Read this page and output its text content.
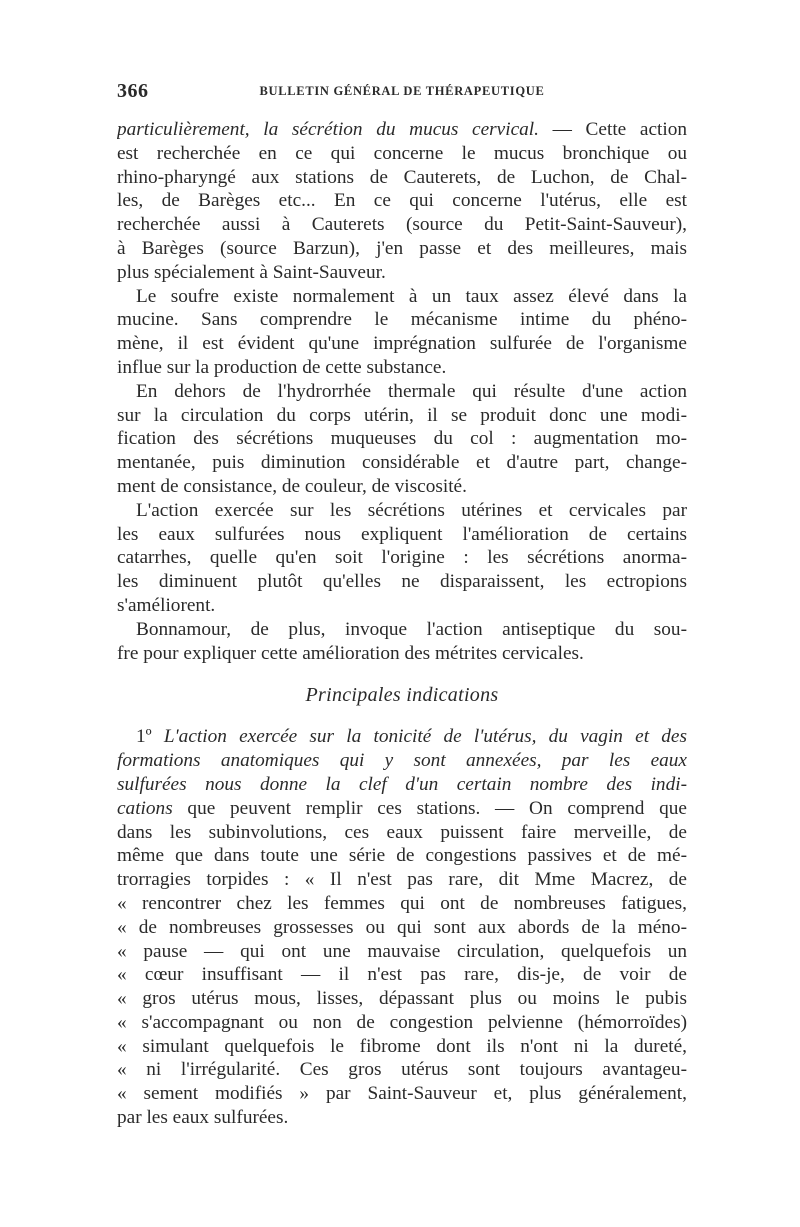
366	BULLETIN GÉNÉRAL DE THÉRAPEUTIQUE
particulièrement, la sécrétion du mucus cervical. — Cette action
est recherchée en ce qui concerne le mucus bronchique ou
rhino-pharyngé aux stations de Cauterets, de Luchon, de Chal-
les, de Barèges etc... En ce qui concerne l'utérus, elle est
recherchée aussi à Cauterets (source du Petit-Saint-Sauveur),
à Barèges (source Barzun), j'en passe et des meilleures, mais
plus spécialement à Saint-Sauveur.
Le soufre existe normalement à un taux assez élevé dans la
mucine. Sans comprendre le mécanisme intime du phéno-
mène, il est évident qu'une imprégnation sulfurée de l'organisme
influe sur la production de cette substance.
En dehors de l'hydrorrhée thermale qui résulte d'une action
sur la circulation du corps utérin, il se produit donc une modi-
fication des sécrétions muqueuses du col : augmentation mo-
mentanée, puis diminution considérable et d'autre part, change-
ment de consistance, de couleur, de viscosité.
L'action exercée sur les sécrétions utérines et cervicales par
les eaux sulfurées nous expliquent l'amélioration de certains
catarrhes, quelle qu'en soit l'origine : les sécrétions anorma-
les diminuent plutôt qu'elles ne disparaissent, les ectropions
s'améliorent.
Bonnamour, de plus, invoque l'action antiseptique du sou-
fre pour expliquer cette amélioration des métrites cervicales.
Principales indications
1º L'action exercée sur la tonicité de l'utérus, du vagin et des
formations anatomiques qui y sont annexées, par les eaux
sulfurées nous donne la clef d'un certain nombre des indi-
cations que peuvent remplir ces stations. — On comprend que
dans les subinvolutions, ces eaux puissent faire merveille, de
même que dans toute une série de congestions passives et de mé-
trorragies torpides : « Il n'est pas rare, dit Mme Macrez, de
« rencontrer chez les femmes qui ont de nombreuses fatigues,
« de nombreuses grossesses ou qui sont aux abords de la méno-
« pause — qui ont une mauvaise circulation, quelquefois un
« cœur insuffisant — il n'est pas rare, dis-je, de voir de
« gros utérus mous, lisses, dépassant plus ou moins le pubis
« s'accompagnant ou non de congestion pelvienne (hémorroïdes)
« simulant quelquefois le fibrome dont ils n'ont ni la dureté,
« ni l'irrégularité. Ces gros utérus sont toujours avantageu-
« sement modifiés » par Saint-Sauveur et, plus généralement,
par les eaux sulfurées.
